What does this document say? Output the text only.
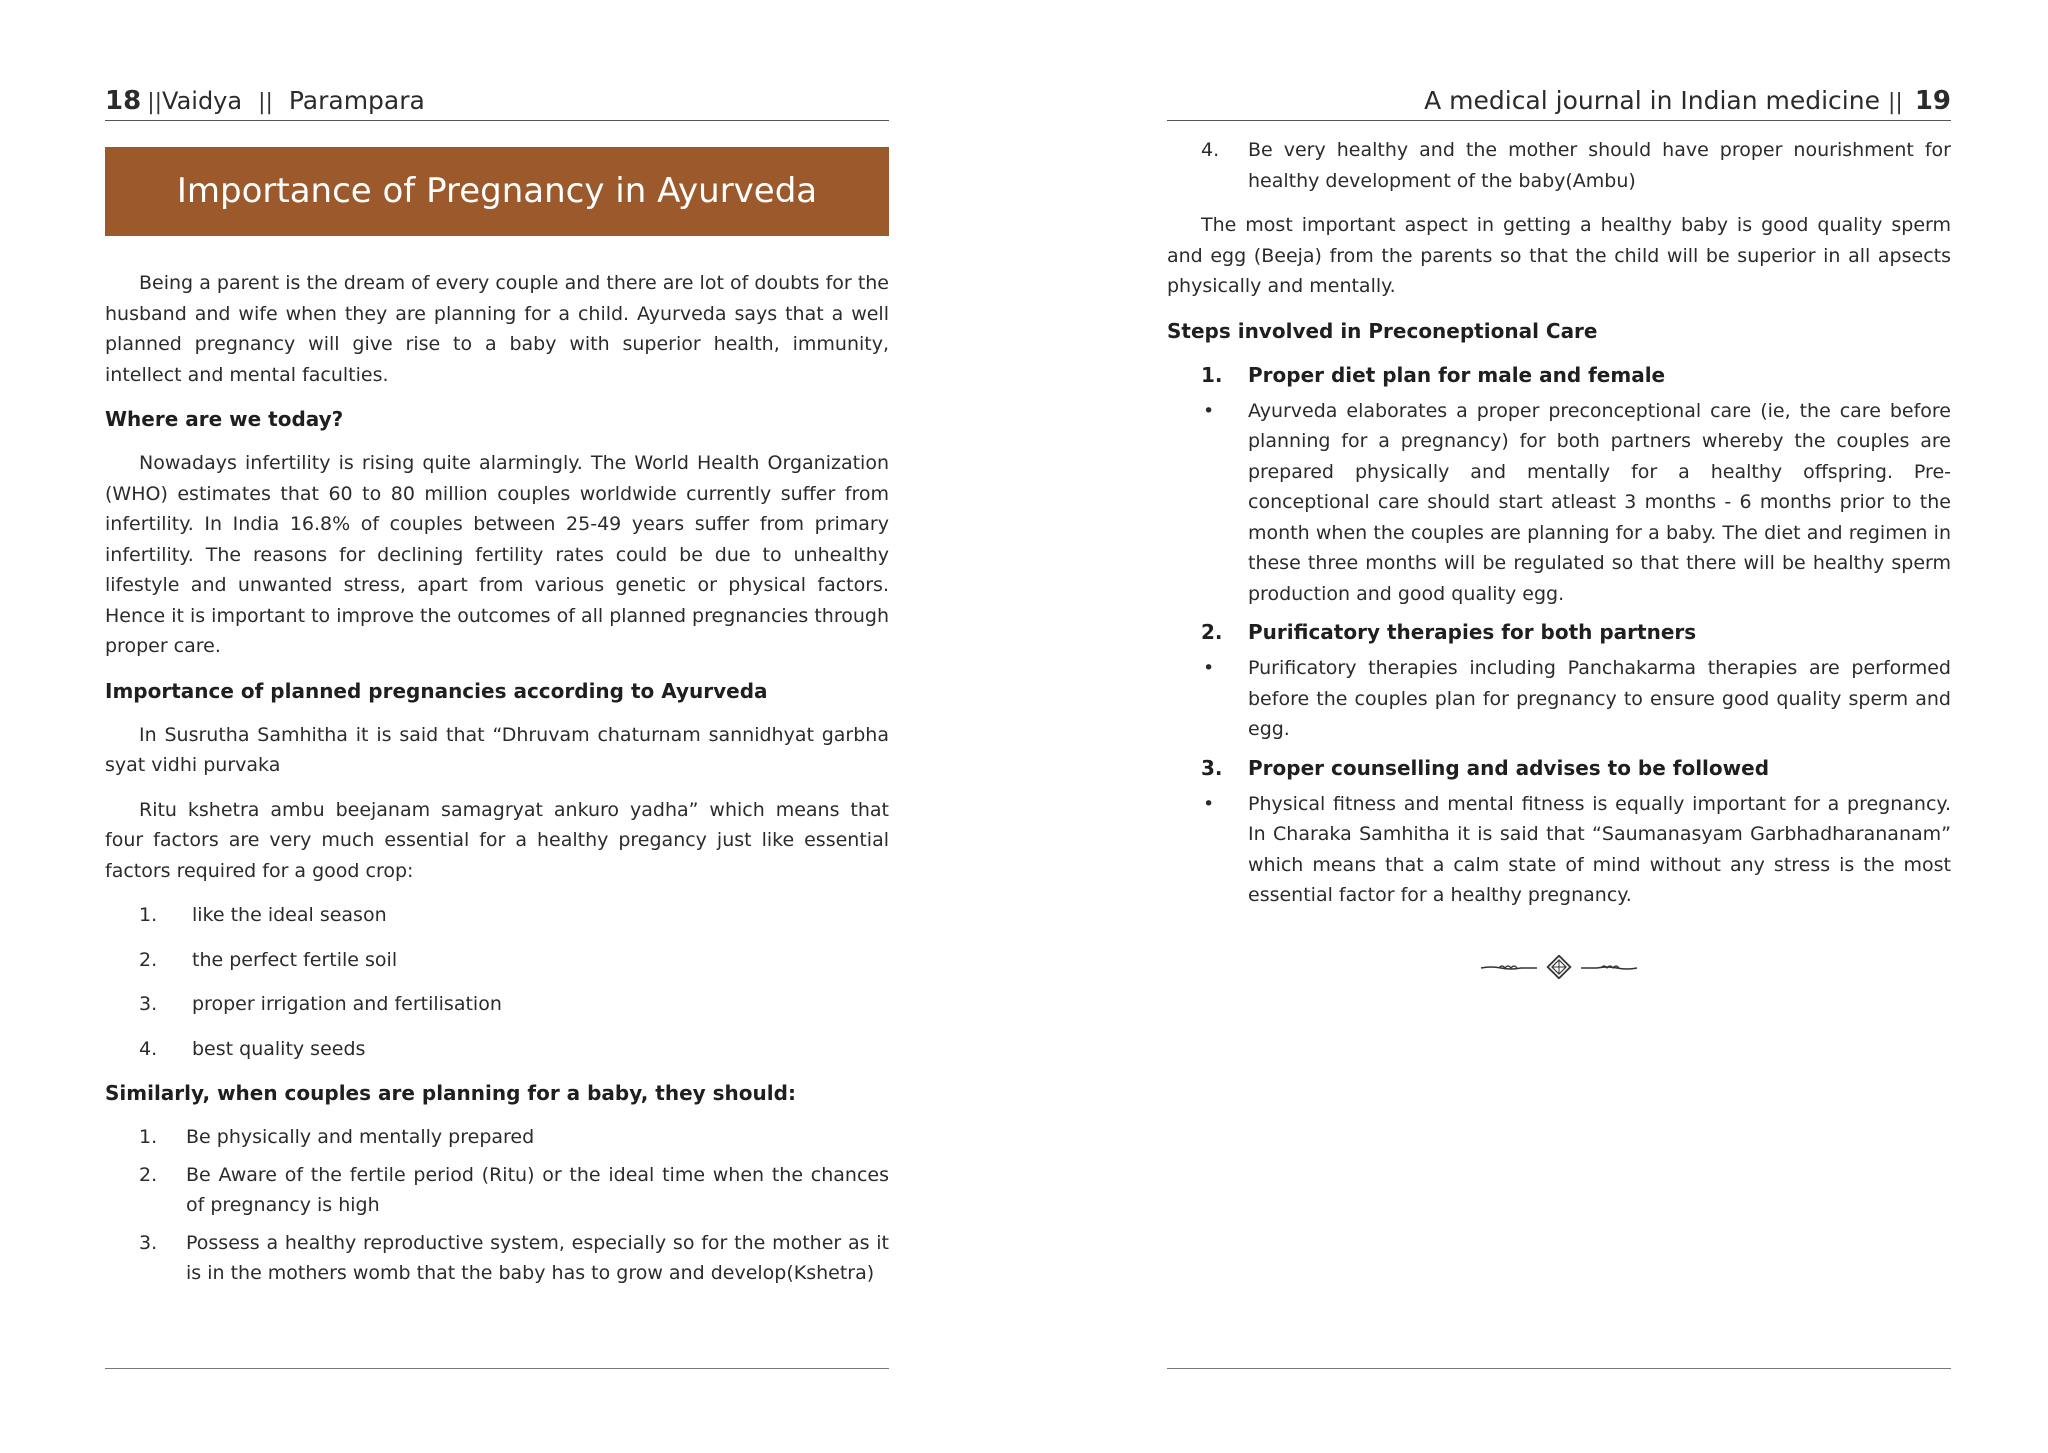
18 ||Vaidya || Parampara
Importance of Pregnancy in Ayurveda

Being a parent is the dream of every couple and there are lot of doubts for the husband and wife when they are planning for a child. Ayurveda says that a well planned pregnancy will give rise to a baby with superior health, immunity, intellect and mental faculties.

Where are we today?

Nowadays infertility is rising quite alarmingly. The World Health Organization (WHO) estimates that 60 to 80 million couples worldwide currently suffer from infertility. In India 16.8% of couples between 25-49 years suffer from primary infertility. The reasons for declining fertility rates could be due to unhealthy lifestyle and unwanted stress, apart from various genetic or physical factors. Hence it is important to improve the outcomes of all planned pregnancies through proper care.

Importance of planned pregnancies according to Ayurveda

In Susrutha Samhitha it is said that “Dhruvam chaturnam sannidhyat garbha syat vidhi purvaka

Ritu kshetra ambu beejanam samagryat ankuro yadha” which means that four factors are very much essential for a healthy pregancy just like essential factors required for a good crop:

1. like the ideal season
2. the perfect fertile soil
3. proper irrigation and fertilisation
4. best quality seeds
Similarly, when couples are planning for a baby, they should:
1. Be physically and mentally prepared
2. Be Aware of the fertile period (Ritu) or the ideal time when the chances of pregnancy is high
3. Possess a healthy reproductive system, especially so for the mother as it is in the mothers womb that the baby has to grow and develop(Kshetra)
A medical journal in Indian medicine || 19
4. Be very healthy and the mother should have proper nourishment for healthy development of the baby(Ambu)

The most important aspect in getting a healthy baby is good quality sperm and egg (Beeja) from the parents so that the child will be superior in all apsects physically and mentally.

Steps involved in Preconeptional Care
1. Proper diet plan for male and female
• Ayurveda elaborates a proper preconceptional care (ie, the care before planning for a pregnancy) for both partners whereby the couples are prepared physically and mentally for a healthy offspring. Pre-conceptional care should start atleast 3 months - 6 months prior to the month when the couples are planning for a baby. The diet and regimen in these three months will be regulated so that there will be healthy sperm production and good quality egg.
2. Purificatory therapies for both partners
• Purificatory therapies including Panchakarma therapies are performed before the couples plan for pregnancy to ensure good quality sperm and egg.
3. Proper counselling and advises to be followed
• Physical fitness and mental fitness is equally important for a pregnancy. In Charaka Samhitha it is said that “Saumanasyam Garbhadharananam” which means that a calm state of mind without any stress is the most essential factor for a healthy pregnancy.
